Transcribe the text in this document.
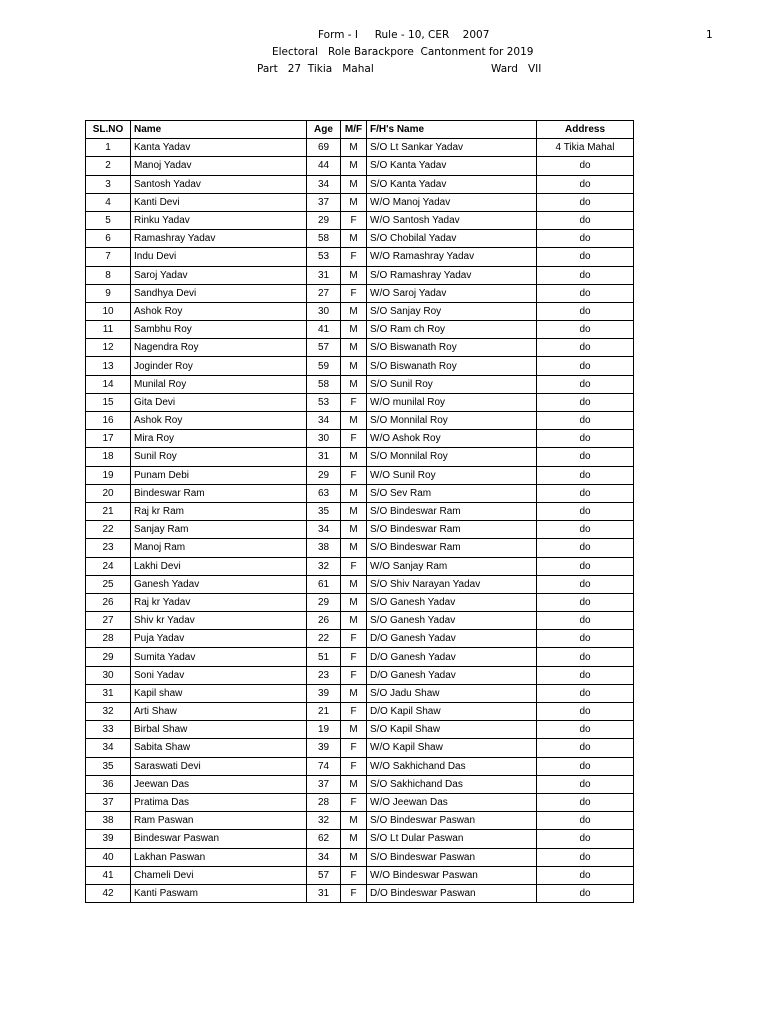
Form - I     Rule - 10, CER    2007
Electoral   Role Barackpore  Cantonment for 2019
Part   27  Tikia   Mahal	Ward   VII
1
SL.NO	Name	Age	M/F	F/H's Name	Address
1	Kanta Yadav	69	M	S/O Lt Sankar Yadav	4 Tikia Mahal
2	Manoj Yadav	44	M	S/O Kanta Yadav	do
3	Santosh Yadav	34	M	S/O Kanta Yadav	do
4	Kanti Devi	37	M	W/O Manoj Yadav	do
5	Rinku Yadav	29	F	W/O Santosh Yadav	do
6	Ramashray Yadav	58	M	S/O Chobilal Yadav	do
7	Indu Devi	53	F	W/O Ramashray Yadav	do
8	Saroj Yadav	31	M	S/O Ramashray Yadav	do
9	Sandhya Devi	27	F	W/O Saroj Yadav	do
10	Ashok Roy	30	M	S/O Sanjay Roy	do
11	Sambhu Roy	41	M	S/O Ram ch Roy	do
12	Nagendra Roy	57	M	S/O Biswanath Roy	do
13	Joginder Roy	59	M	S/O Biswanath Roy	do
14	Munilal Roy	58	M	S/O Sunil Roy	do
15	Gita Devi	53	F	W/O munilal Roy	do
16	Ashok Roy	34	M	S/O Monnilal Roy	do
17	Mira Roy	30	F	W/O Ashok Roy	do
18	Sunil Roy	31	M	S/O Monnilal Roy	do
19	Punam Debi	29	F	W/O Sunil Roy	do
20	Bindeswar Ram	63	M	S/O Sev Ram	do
21	Raj kr Ram	35	M	S/O Bindeswar Ram	do
22	Sanjay Ram	34	M	S/O Bindeswar Ram	do
23	Manoj Ram	38	M	S/O Bindeswar Ram	do
24	Lakhi Devi	32	F	W/O Sanjay Ram	do
25	Ganesh Yadav	61	M	S/O Shiv Narayan Yadav	do
26	Raj kr Yadav	29	M	S/O Ganesh Yadav	do
27	Shiv kr Yadav	26	M	S/O Ganesh Yadav	do
28	Puja Yadav	22	F	D/O Ganesh Yadav	do
29	Sumita Yadav	51	F	D/O Ganesh Yadav	do
30	Soni Yadav	23	F	D/O Ganesh Yadav	do
31	Kapil shaw	39	M	S/O Jadu Shaw	do
32	Arti Shaw	21	F	D/O Kapil Shaw	do
33	Birbal Shaw	19	M	S/O Kapil Shaw	do
34	Sabita Shaw	39	F	W/O Kapil Shaw	do
35	Saraswati Devi	74	F	W/O Sakhichand Das	do
36	Jeewan Das	37	M	S/O Sakhichand Das	do
37	Pratima Das	28	F	W/O Jeewan Das	do
38	Ram Paswan	32	M	S/O Bindeswar Paswan	do
39	Bindeswar Paswan	62	M	S/O Lt Dular Paswan	do
40	Lakhan Paswan	34	M	S/O Bindeswar Paswan	do
41	Chameli Devi	57	F	W/O Bindeswar Paswan	do
42	Kanti Paswam	31	F	D/O Bindeswar Paswan	do
